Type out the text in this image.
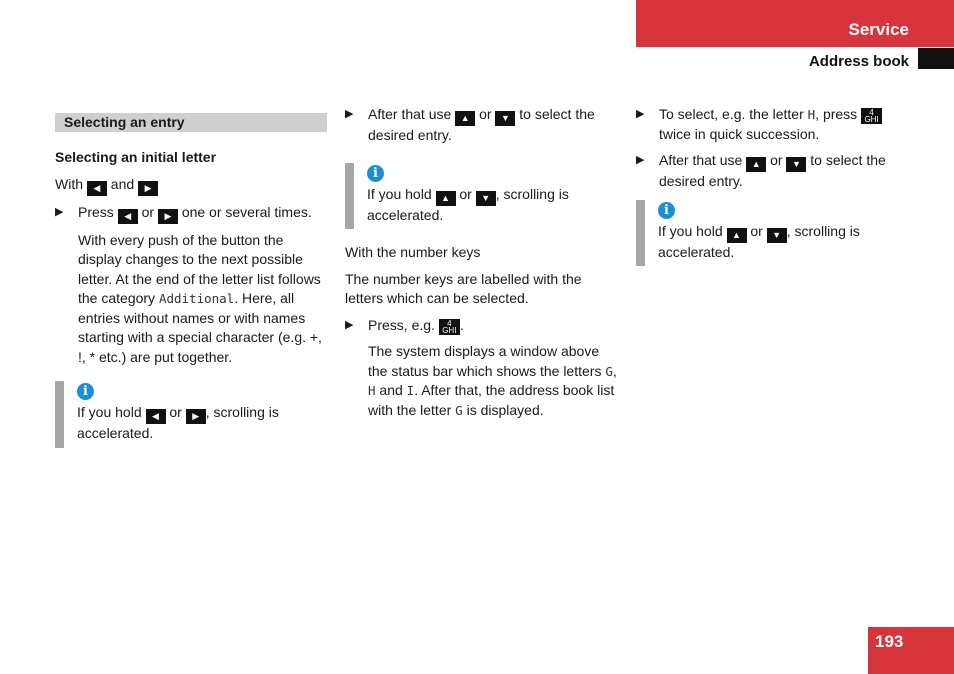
Service
Address book
Selecting an entry

Selecting an initial letter

With ◀ and ▶

▶ Press ◀ or ▶ one or several times.

With every push of the button the display changes to the next possible letter. At the end of the letter list follows the category Additional. Here, all entries without names or with names starting with a special character (e.g. +, !, * etc.) are put together.

i

If you hold ◀ or ▶ , scrolling is accelerated.

▶ After that use ▲ or ▼ to select the desired entry.

i

If you hold ▲ or ▼ , scrolling is accelerated.

With the number keys

The number keys are labelled with the letters which can be selected.

▶ Press, e.g.	4
GHI .

The system displays a window above the status bar which shows the letters G, H and I. After that, the address book list with the letter G is displayed.

▶ To select, e.g. the letter H, press	4
GHI
twice in quick succession.

▶ After that use ▲ or ▼ to select the desired entry.

i

If you hold ▲ or ▼ , scrolling is accelerated.

193
